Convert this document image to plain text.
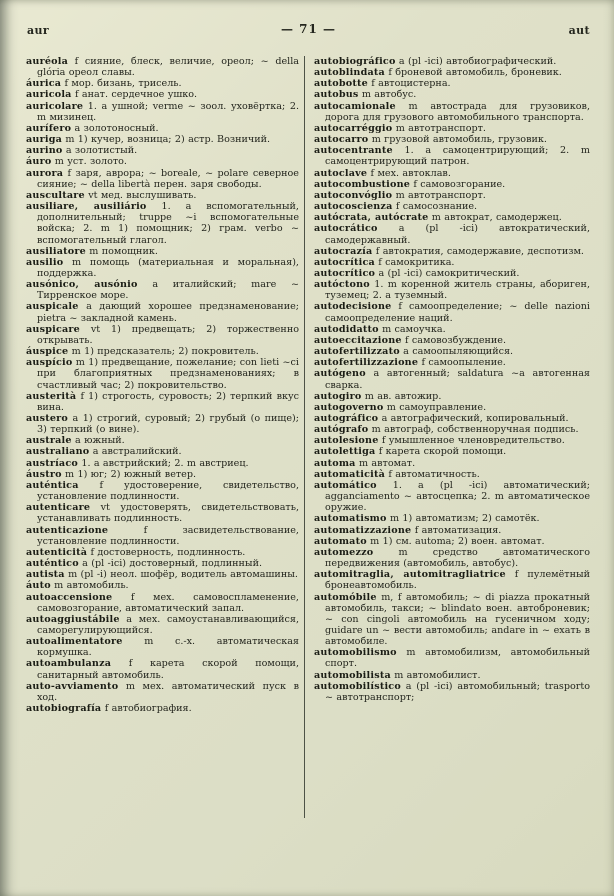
aur	— 71 —	aut

auréola f сияние, блеск, величие, ореол; ~ della glória ореол славы.

áurica f мор. бизань, трисель.

auricola f анат. сердечное ушко.

auricolare 1. a ушной; verme ~ зоол. уховёртка; 2. m мизинец.

aurífero a золотоносный.

auriga m 1) кучер, возница; 2) астр. Возничий.

aurino a золотистый.

áuro m уст. золото.

aurora f заря, аврора; ~ boreale, ~ polare северное сияние; ~ della libertà перен. заря свободы.

auscultare vt мед. выслушивать.

ausiliare, ausiliário 1. a вспомогательный, дополнительный; truppe ~i вспомогательные войска; 2. m 1) помощник; 2) грам. verbo ~ вспомогательный глагол.

ausiliatore m помощник.

ausilio m помощь (материальная и моральная), поддержка.

ausónico, ausónio a италийский; mare ~ Тирренское море.

auspicale a дающий хорошее предзнаменование; pietra ~ закладной камень.

auspicare vt 1) предвещать; 2) торжественно открывать.

áuspice m 1) предсказатель; 2) покровитель.

auspício m 1) предвещание, пожелание; con lieti ~ci при благоприятных предзнаменованиях; в счастливый час; 2) покровительство.

austerità f 1) строгость, суровость; 2) терпкий вкус вина.

austero a 1) строгий, суровый; 2) грубый (о пище); 3) терпкий (о вине).

australe a южный.

australiano a австралийский.

austríaco 1. a австрийский; 2. m австриец.

áustro m 1) юг; 2) южный ветер.

auténtica f удостоверение, свидетельство, установление подлинности.

autenticare vt удостоверять, свидетельствовать, устанавливать подлинность.

autenticazione f засвидетельствование, установление подлинности.

autenticità f достоверность, подлинность.

auténtico a (pl -ici) достоверный, подлинный.

autista m (pl -i) неол. шофёр, водитель автомашины.

áuto m автомобиль.

autoaccensione f мех. самовоспламенение, самовозгорание, автоматический запал.

autoaggiustábile a мех. самоустанавливающийся, саморегулирующийся.

autoalimentatore m с.-х. автоматическая кормушка.

autoambulanza f карета скорой помощи, санитарный автомобиль.

auto-avviamento m мех. автоматический пуск в ход.

autobiografía f автобиография.

autobiográfico a (pl -ici) автобиографический.

autoblindata f броневой автомобиль, броневик.

autobotte f автоцистерна.

autobus m автобус.

autocamionale m автострада для грузовиков, дорога для грузового автомобильного транспорта.

autocarréggio m автотранспорт.

autocarro m грузовой автомобиль, грузовик.

autocentrante 1. a самоцентрирующий; 2. m самоцентрирующий патрон.

autoclave f мех. автоклав.

autocombustione f самовозгорание.

autoconvóglio m автотранспорт.

autocoscienza f самосознание.

autócrata, autócrate m автократ, самодержец.

autocrático a (pl -ici) автократический, самодержавный.

autocrazía f автократия, самодержавие, деспотизм.

autocrítica f самокритика.

autocrítico a (pl -ici) самокритический.

autóctono 1. m коренной житель страны, абориген, туземец; 2. a туземный.

autodecisione f самоопределение; ~ delle nazioni самоопределение наций.

autodidatto m самоучка.

autoeccitazione f самовозбуждение.

autofertilizzato a самоопыляющийся.

autofertilizzazione f самоопыление.

autógeno a автогенный; saldatura ~a автогенная сварка.

autogiro m ав. автожир.

autogoverno m самоуправление.

autográfico a автографический, копировальный.

autógrafo m автограф, собственноручная подпись.

autolesione f умышленное членовредительство.

autolettiga f карета скорой помощи.

automa m автомат.

automaticità f автоматичность.

automático 1. a (pl -ici) автоматический; agganciamento ~ автосцепка; 2. m автоматическое оружие.

automatismo m 1) автоматизм; 2) самотёк.

automatizzazione f автоматизация.

automato m 1) см. automa; 2) воен. автомат.

automezzo m средство автоматического передвижения (автомобиль, автобус).

automitraglia, automitragliatrice f пулемётный бронеавтомобиль.

automóbile m, f автомобиль; ~ di piazza прокатный автомобиль, такси; ~ blindato воен. автоброневик; ~ con cingoli автомобиль на гусеничном ходу; guidare un ~ вести автомобиль; andare in ~ ехать в автомобиле.

automobilismo m автомобилизм, автомобильный спорт.

automobilista m автомобилист.

automobilístico a (pl -ici) автомобильный; trasporto ~ автотранспорт;
